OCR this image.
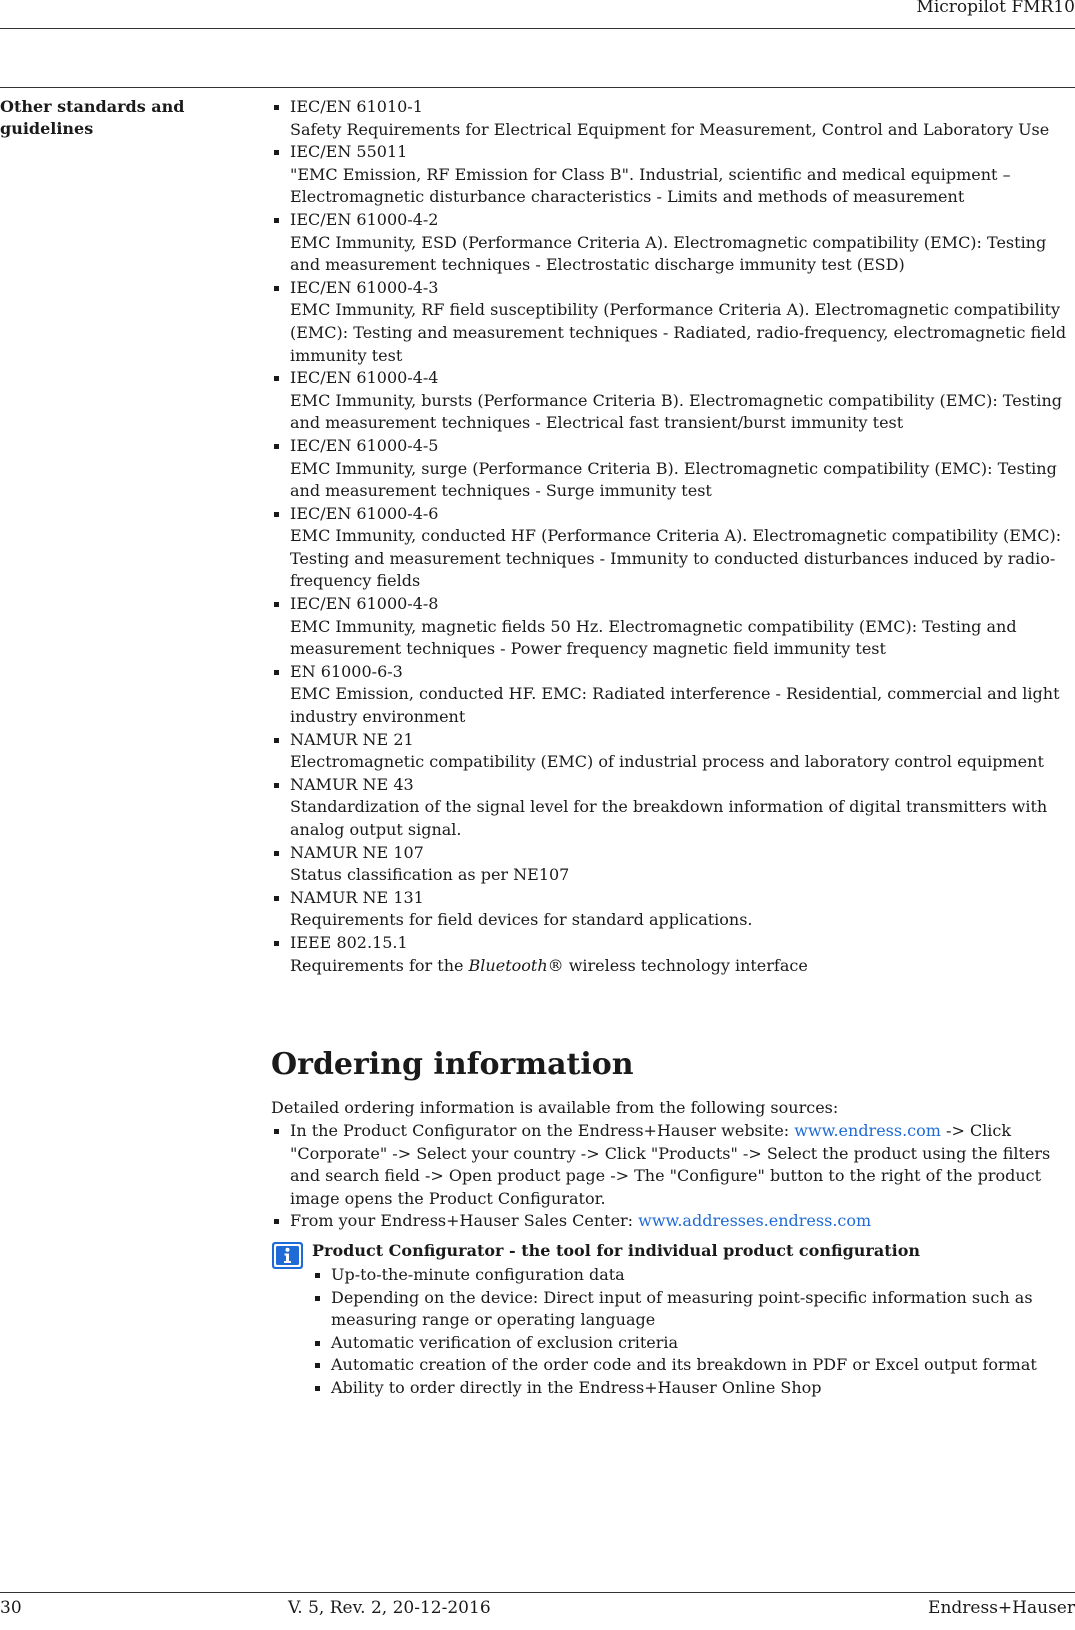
Micropilot FMR10
Other standards and guidelines
IEC/EN 61010-1
Safety Requirements for Electrical Equipment for Measurement, Control and Laboratory Use
IEC/EN 55011
"EMC Emission, RF Emission for Class B". Industrial, scientific and medical equipment – Electromagnetic disturbance characteristics - Limits and methods of measurement
IEC/EN 61000-4-2
EMC Immunity, ESD (Performance Criteria A). Electromagnetic compatibility (EMC): Testing and measurement techniques - Electrostatic discharge immunity test (ESD)
IEC/EN 61000-4-3
EMC Immunity, RF field susceptibility (Performance Criteria A). Electromagnetic compatibility (EMC): Testing and measurement techniques - Radiated, radio-frequency, electromagnetic field immunity test
IEC/EN 61000-4-4
EMC Immunity, bursts (Performance Criteria B). Electromagnetic compatibility (EMC): Testing and measurement techniques - Electrical fast transient/burst immunity test
IEC/EN 61000-4-5
EMC Immunity, surge (Performance Criteria B). Electromagnetic compatibility (EMC): Testing and measurement techniques - Surge immunity test
IEC/EN 61000-4-6
EMC Immunity, conducted HF (Performance Criteria A). Electromagnetic compatibility (EMC): Testing and measurement techniques - Immunity to conducted disturbances induced by radio-frequency fields
IEC/EN 61000-4-8
EMC Immunity, magnetic fields 50 Hz. Electromagnetic compatibility (EMC): Testing and measurement techniques - Power frequency magnetic field immunity test
EN 61000-6-3
EMC Emission, conducted HF. EMC: Radiated interference - Residential, commercial and light industry environment
NAMUR NE 21
Electromagnetic compatibility (EMC) of industrial process and laboratory control equipment
NAMUR NE 43
Standardization of the signal level for the breakdown information of digital transmitters with analog output signal.
NAMUR NE 107
Status classification as per NE107
NAMUR NE 131
Requirements for field devices for standard applications.
IEEE 802.15.1
Requirements for the Bluetooth® wireless technology interface
Ordering information
Detailed ordering information is available from the following sources:
In the Product Configurator on the Endress+Hauser website: www.endress.com -> Click "Corporate" -> Select your country -> Click "Products" -> Select the product using the filters and search field -> Open product page -> The "Configure" button to the right of the product image opens the Product Configurator.
From your Endress+Hauser Sales Center: www.addresses.endress.com
Product Configurator - the tool for individual product configuration
Up-to-the-minute configuration data
Depending on the device: Direct input of measuring point-specific information such as measuring range or operating language
Automatic verification of exclusion criteria
Automatic creation of the order code and its breakdown in PDF or Excel output format
Ability to order directly in the Endress+Hauser Online Shop
30	V. 5, Rev. 2, 20-12-2016	Endress+Hauser
